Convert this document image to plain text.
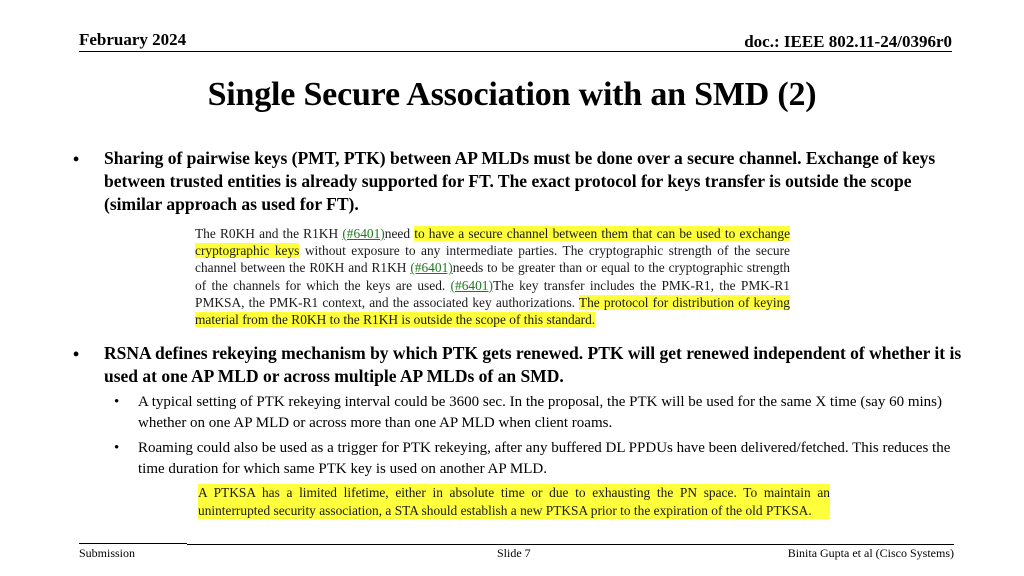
February 2024	doc.: IEEE 802.11-24/0396r0
Single Secure Association with an SMD (2)
• Sharing of pairwise keys (PMT, PTK) between AP MLDs must be done over a secure channel. Exchange of keys between trusted entities is already supported for FT. The exact protocol for keys transfer is outside the scope (similar approach as used for FT).
The R0KH and the R1KH (#6401)need to have a secure channel between them that can be used to exchange cryptographic keys without exposure to any intermediate parties. The cryptographic strength of the secure channel between the R0KH and R1KH (#6401)needs to be greater than or equal to the cryptographic strength of the channels for which the keys are used. (#6401)The key transfer includes the PMK-R1, the PMK-R1 PMKSA, the PMK-R1 context, and the associated key authorizations. The protocol for distribution of keying material from the R0KH to the R1KH is outside the scope of this standard.
• RSNA defines rekeying mechanism by which PTK gets renewed. PTK will get renewed independent of whether it is used at one AP MLD or across multiple AP MLDs of an SMD.
• A typical setting of PTK rekeying interval could be 3600 sec. In the proposal, the PTK will be used for the same X time (say 60 mins) whether on one AP MLD or across more than one AP MLD when client roams.
• Roaming could also be used as a trigger for PTK rekeying, after any buffered DL PPDUs have been delivered/fetched. This reduces the time duration for which same PTK key is used on another AP MLD.
A PTKSA has a limited lifetime, either in absolute time or due to exhausting the PN space. To maintain an uninterrupted security association, a STA should establish a new PTKSA prior to the expiration of the old PTKSA.
Submission	Slide 7	Binita Gupta et al (Cisco Systems)
